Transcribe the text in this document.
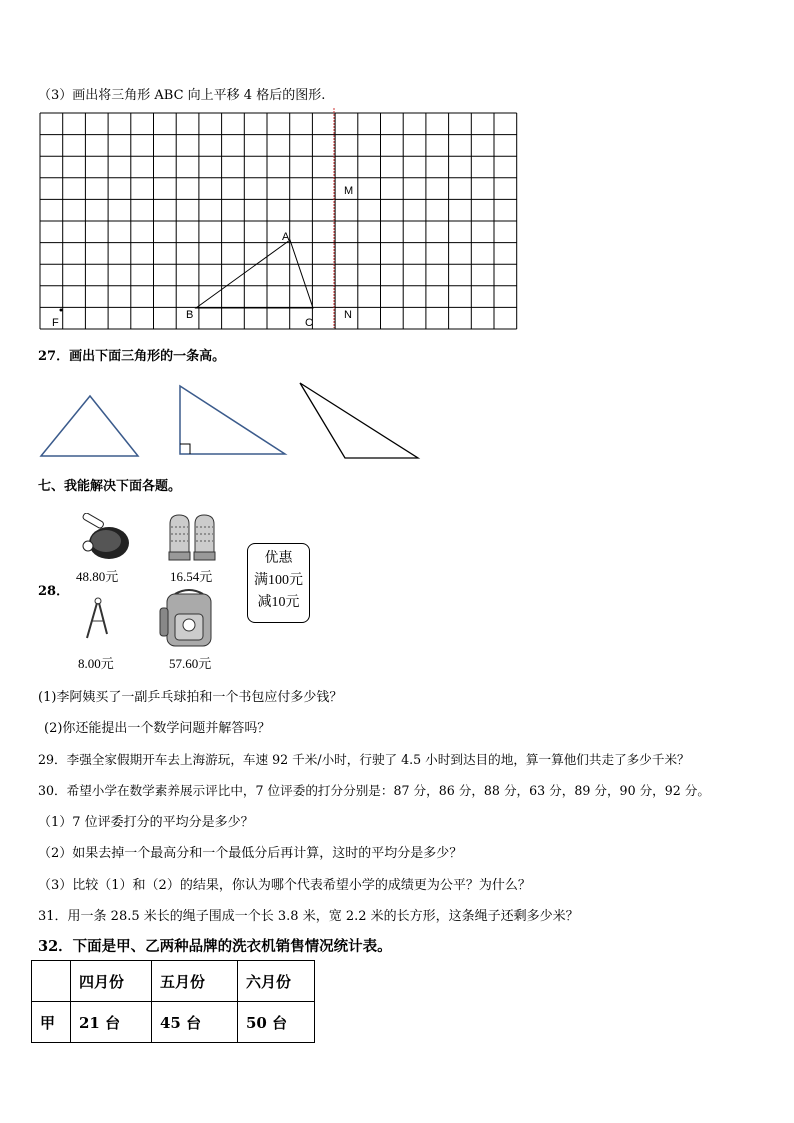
（3）画出将三角形 ABC 向上平移 4 格后的图形.
M
A
B
C
N
F
27．画出下面三角形的一条高。
七、我能解决下面各题。
28．
48.80元	16.54元
8.00元	57.60元
优惠
满100元
减10元
(1)李阿姨买了一副乒乓球拍和一个书包应付多少钱？
(2)你还能提出一个数学问题并解答吗？
29．李强全家假期开车去上海游玩，车速 92 千米/小时，行驶了 4.5 小时到达目的地，算一算他们共走了多少千米？
30．希望小学在数学素养展示评比中，7 位评委的打分分别是：87 分，86 分，88 分，63 分，89 分，90 分，92 分。
（1）7 位评委打分的平均分是多少？
（2）如果去掉一个最高分和一个最低分后再计算，这时的平均分是多少？
（3）比较（1）和（2）的结果，你认为哪个代表希望小学的成绩更为公平？为什么？
31．用一条 28.5 米长的绳子围成一个长 3.8 米，宽 2.2 米的长方形，这条绳子还剩多少米？
32．下面是甲、乙两种品牌的洗衣机销售情况统计表。
	四月份	五月份	六月份
甲	21 台	45 台	50 台
